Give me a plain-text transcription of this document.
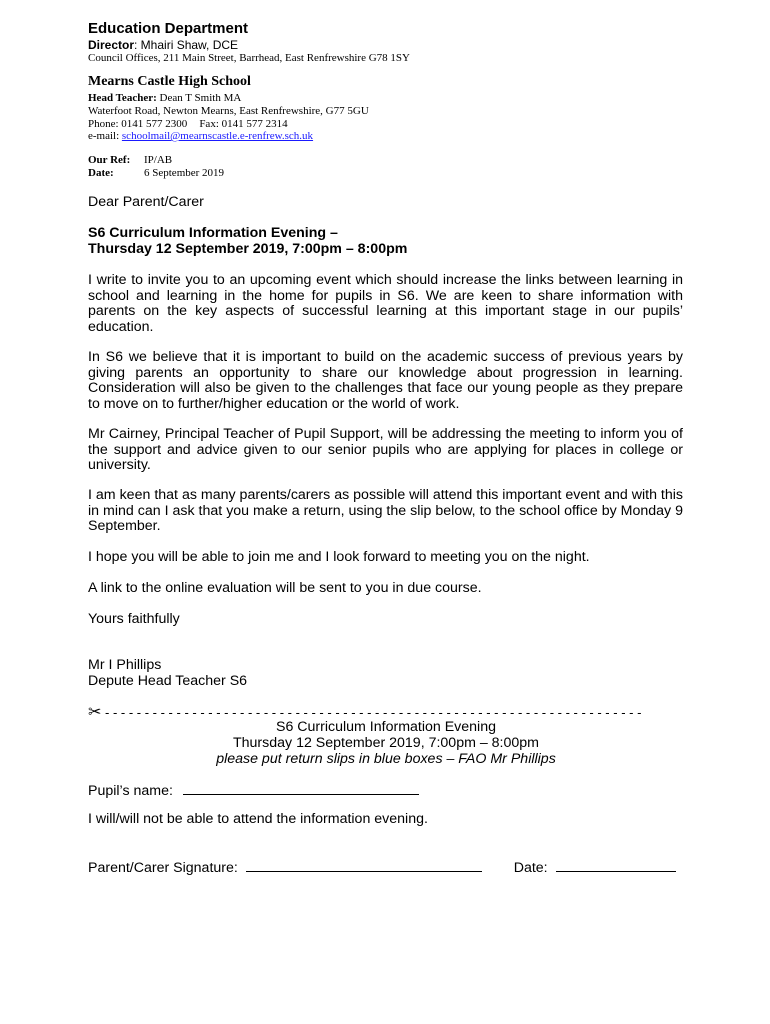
Education Department
Director: Mhairi Shaw, DCE
Council Offices, 211 Main Street, Barrhead, East Renfrewshire G78 1SY
Mearns Castle High School
Head Teacher: Dean T Smith MA
Waterfoot Road, Newton Mearns, East Renfrewshire, G77 5GU
Phone: 0141 577 2300 Fax: 0141 577 2314
e-mail: schoolmail@mearnscastle.e-renfrew.sch.uk
Our Ref: IP/AB
Date:	6 September 2019
Dear Parent/Carer
S6 Curriculum Information Evening –
Thursday 12 September 2019, 7:00pm – 8:00pm
I write to invite you to an upcoming event which should increase the links between learning in school and learning in the home for pupils in S6. We are keen to share information with parents on the key aspects of successful learning at this important stage in our pupils’ education.
In S6 we believe that it is important to build on the academic success of previous years by giving parents an opportunity to share our knowledge about progression in learning. Consideration will also be given to the challenges that face our young people as they prepare to move on to further/higher education or the world of work.
Mr Cairney, Principal Teacher of Pupil Support, will be addressing the meeting to inform you of the support and advice given to our senior pupils who are applying for places in college or university.
I am keen that as many parents/carers as possible will attend this important event and with this in mind can I ask that you make a return, using the slip below, to the school office by Monday 9 September.
I hope you will be able to join me and I look forward to meeting you on the night.
A link to the online evaluation will be sent to you in due course.
Yours faithfully
Mr I Phillips
Depute Head Teacher S6
✂ - - - - - - - - - - - - - - - - - - - - - - - - - - - - - - - - - - - - - - - - - - - - - - - - - - - - - - - - - - - - - - - - - - - -
S6 Curriculum Information Evening
Thursday 12 September 2019, 7:00pm – 8:00pm
please put return slips in blue boxes – FAO Mr Phillips
Pupil’s name:
I will/will not be able to attend the information evening.
Parent/Carer Signature:	Date:
